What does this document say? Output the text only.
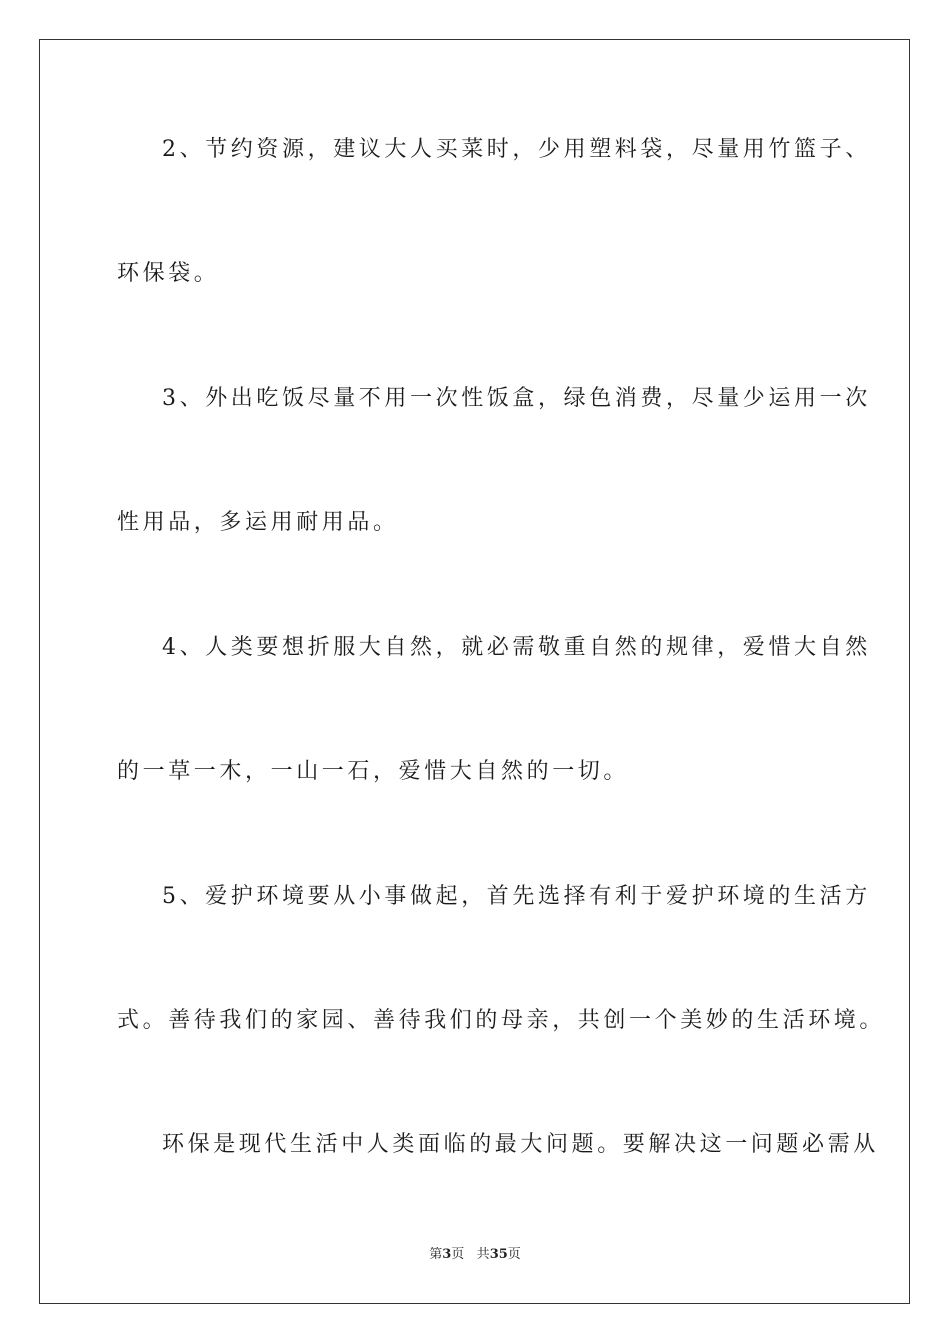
2、节约资源，建议大人买菜时，少用塑料袋，尽量用竹篮子、
环保袋。
3、外出吃饭尽量不用一次性饭盒，绿色消费，尽量少运用一次
性用品，多运用耐用品。
4、人类要想折服大自然，就必需敬重自然的规律，爱惜大自然
的一草一木，一山一石，爱惜大自然的一切。
5、爱护环境要从小事做起，首先选择有利于爱护环境的生活方
式。善待我们的家园、善待我们的母亲，共创一个美妙的生活环境。
环保是现代生活中人类面临的最大问题。要解决这一问题必需从
第3页 共35页
